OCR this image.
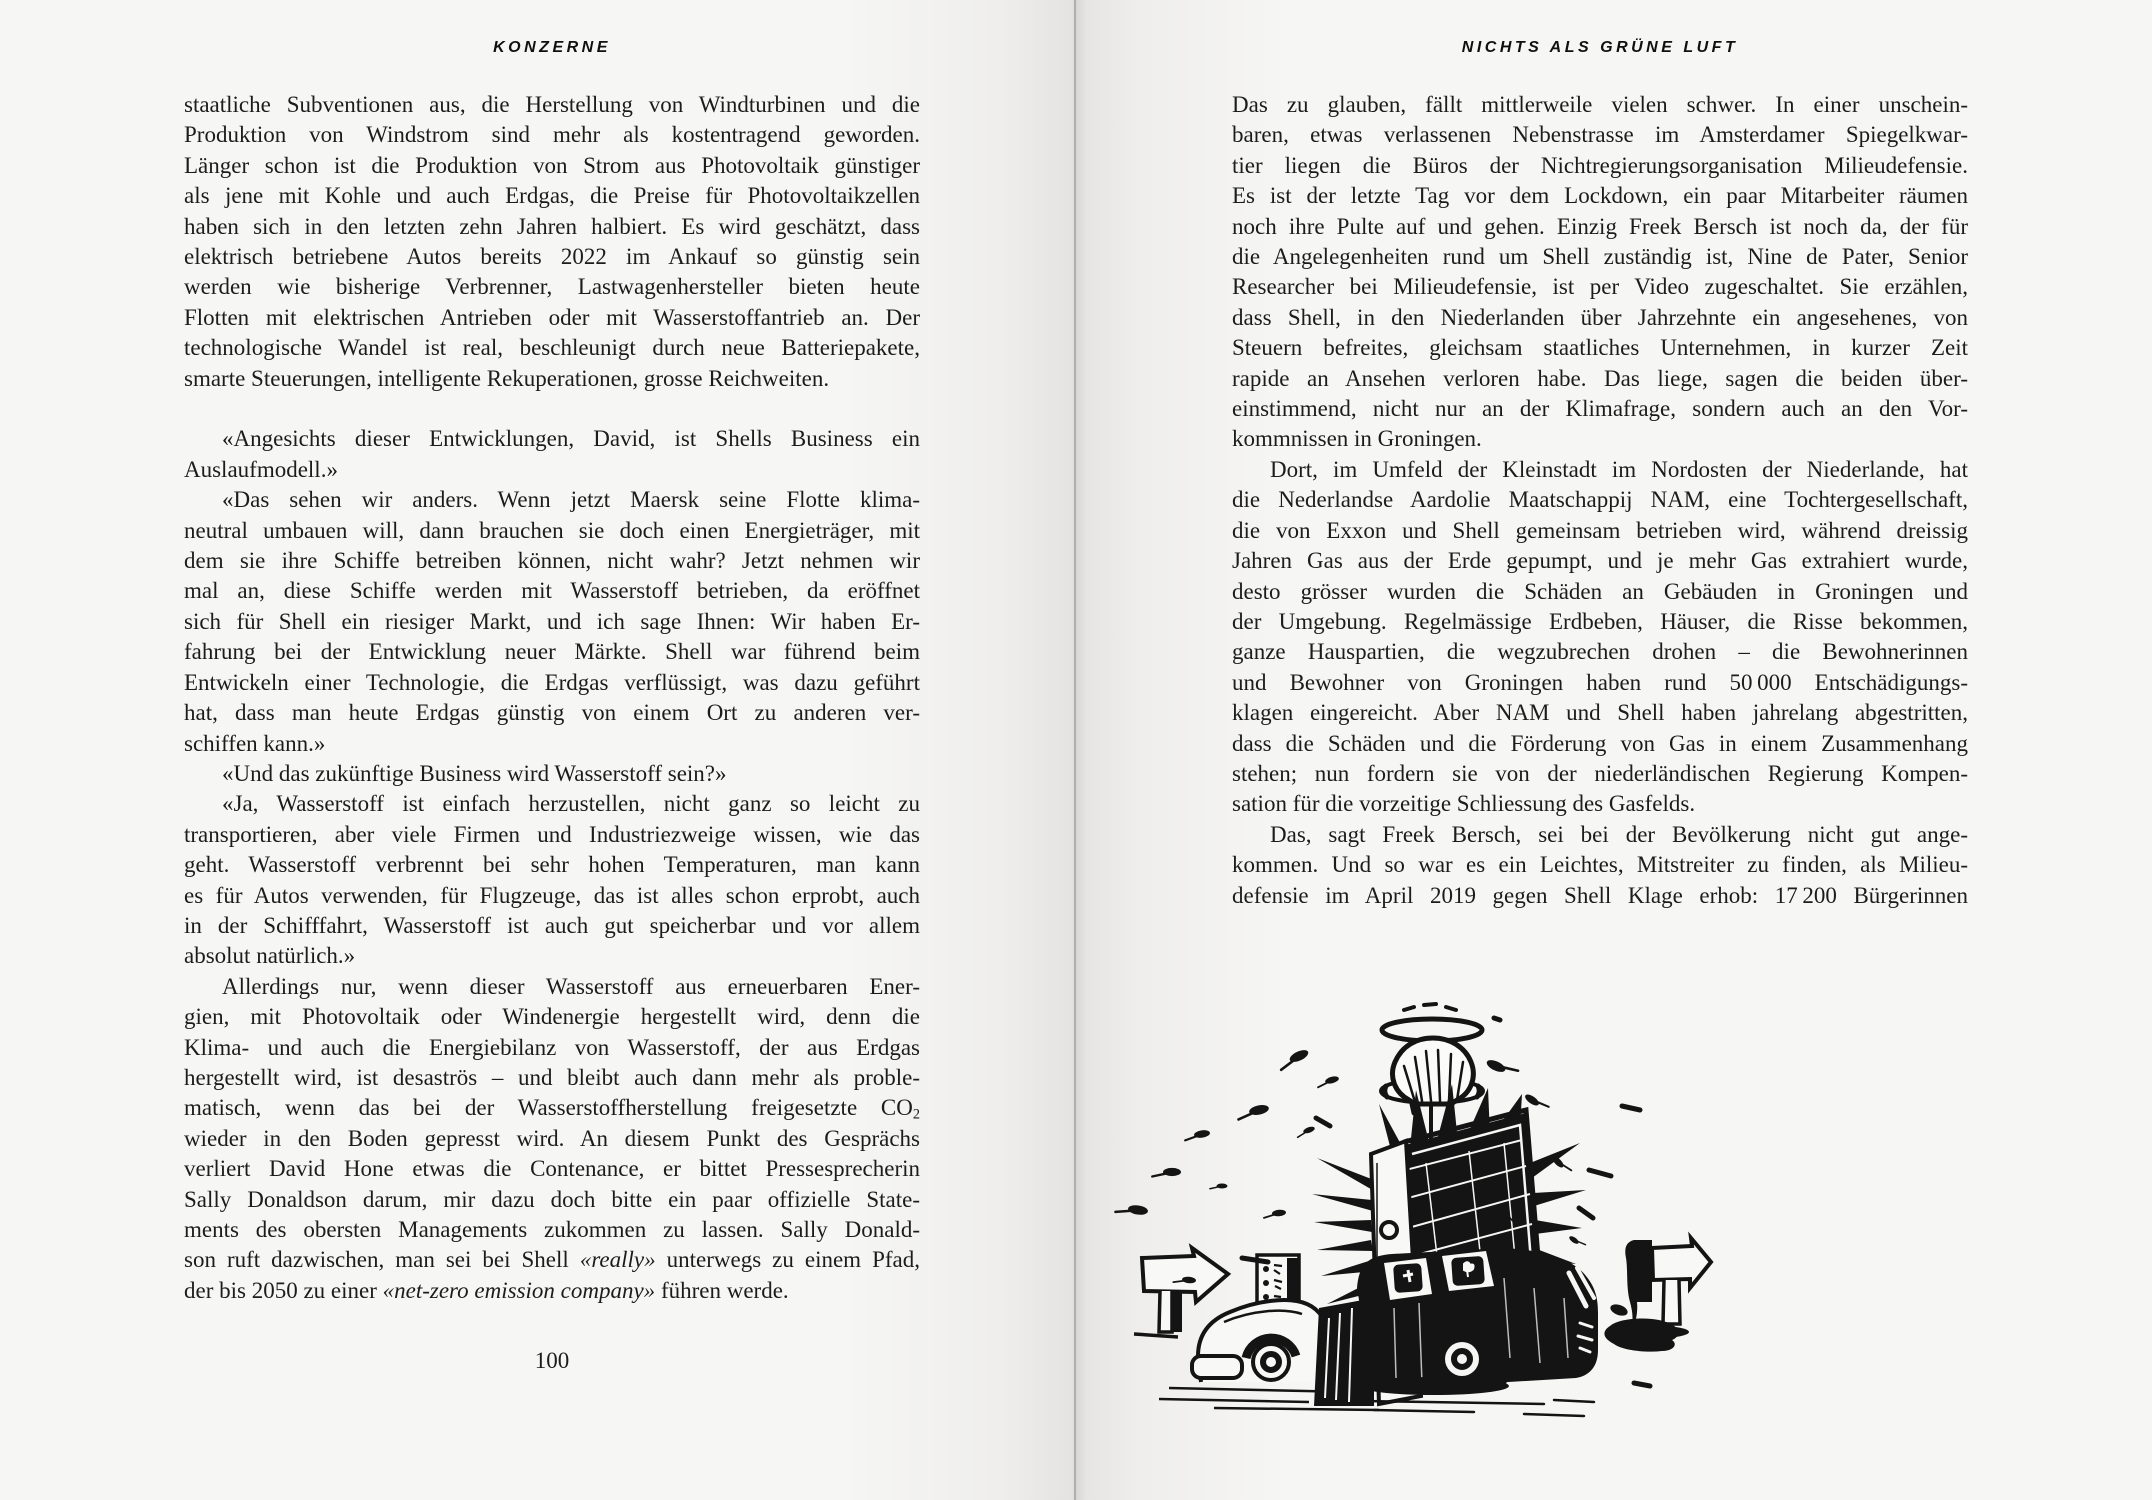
KONZERNE
staatliche Subventionen aus, die Herstellung von Windturbinen und die
Produktion von Windstrom sind mehr als kostentragend geworden.
Länger schon ist die Produktion von Strom aus Photovoltaik günstiger
als jene mit Kohle und auch Erdgas, die Preise für Photovoltaikzellen
haben sich in den letzten zehn Jahren halbiert. Es wird geschätzt, dass
elektrisch betriebene Autos bereits 2022 im Ankauf so günstig sein
werden wie bisherige Verbrenner, Lastwagenhersteller bieten heute
Flotten mit elektrischen Antrieben oder mit Wasserstoffantrieb an. Der
technologische Wandel ist real, beschleunigt durch neue Batteriepakete,
smarte Steuerungen, intelligente Rekuperationen, grosse Reichweiten.
«Angesichts dieser Entwicklungen, David, ist Shells Business ein
Auslaufmodell.»
«Das sehen wir anders. Wenn jetzt Maersk seine Flotte klima-
neutral umbauen will, dann brauchen sie doch einen Energieträger, mit
dem sie ihre Schiffe betreiben können, nicht wahr? Jetzt nehmen wir
mal an, diese Schiffe werden mit Wasserstoff betrieben, da eröffnet
sich für Shell ein riesiger Markt, und ich sage Ihnen: Wir haben Er-
fahrung bei der Entwicklung neuer Märkte. Shell war führend beim
Entwickeln einer Technologie, die Erdgas verflüssigt, was dazu geführt
hat, dass man heute Erdgas günstig von einem Ort zu anderen ver-
schiffen kann.»
«Und das zukünftige Business wird Wasserstoff sein?»
«Ja, Wasserstoff ist einfach herzustellen, nicht ganz so leicht zu
transportieren, aber viele Firmen und Industriezweige wissen, wie das
geht. Wasserstoff verbrennt bei sehr hohen Temperaturen, man kann
es für Autos verwenden, für Flugzeuge, das ist alles schon erprobt, auch
in der Schifffahrt, Wasserstoff ist auch gut speicherbar und vor allem
absolut natürlich.»
Allerdings nur, wenn dieser Wasserstoff aus erneuerbaren Ener-
gien, mit Photovoltaik oder Windenergie hergestellt wird, denn die
Klima- und auch die Energiebilanz von Wasserstoff, der aus Erdgas
hergestellt wird, ist desaströs – und bleibt auch dann mehr als proble-
matisch, wenn das bei der Wasserstoffherstellung freigesetzte $CO_2$
wieder in den Boden gepresst wird. An diesem Punkt des Gesprächs
verliert David Hone etwas die Contenance, er bittet Pressesprecherin
Sally Donaldson darum, mir dazu doch bitte ein paar offizielle State-
ments des obersten Managements zukommen zu lassen. Sally Donald-
son ruft dazwischen, man sei bei Shell «really» unterwegs zu einem Pfad,
der bis 2050 zu einer «net-zero emission company» führen werde.
100
NICHTS ALS GRÜNE LUFT
Das zu glauben, fällt mittlerweile vielen schwer. In einer unschein-
baren, etwas verlassenen Nebenstrasse im Amsterdamer Spiegelkwar-
tier liegen die Büros der Nichtregierungsorganisation Milieudefensie.
Es ist der letzte Tag vor dem Lockdown, ein paar Mitarbeiter räumen
noch ihre Pulte auf und gehen. Einzig Freek Bersch ist noch da, der für
die Angelegenheiten rund um Shell zuständig ist, Nine de Pater, Senior
Researcher bei Milieudefensie, ist per Video zugeschaltet. Sie erzählen,
dass Shell, in den Niederlanden über Jahrzehnte ein angesehenes, von
Steuern befreites, gleichsam staatliches Unternehmen, in kurzer Zeit
rapide an Ansehen verloren habe. Das liege, sagen die beiden über-
einstimmend, nicht nur an der Klimafrage, sondern auch an den Vor-
kommnissen in Groningen.
Dort, im Umfeld der Kleinstadt im Nordosten der Niederlande, hat
die Nederlandse Aardolie Maatschappij NAM, eine Tochtergesellschaft,
die von Exxon und Shell gemeinsam betrieben wird, während dreissig
Jahren Gas aus der Erde gepumpt, und je mehr Gas extrahiert wurde,
desto grösser wurden die Schäden an Gebäuden in Groningen und
der Umgebung. Regelmässige Erdbeben, Häuser, die Risse bekommen,
ganze Hauspartien, die wegzubrechen drohen – die Bewohnerinnen
und Bewohner von Groningen haben rund 50 000 Entschädigungs-
klagen eingereicht. Aber NAM und Shell haben jahrelang abgestritten,
dass die Schäden und die Förderung von Gas in einem Zusammenhang
stehen; nun fordern sie von der niederländischen Regierung Kompen-
sation für die vorzeitige Schliessung des Gasfelds.
Das, sagt Freek Bersch, sei bei der Bevölkerung nicht gut ange-
kommen. Und so war es ein Leichtes, Mitstreiter zu finden, als Milieu-
defensie im April 2019 gegen Shell Klage erhob: 17 200 Bürgerinnen
